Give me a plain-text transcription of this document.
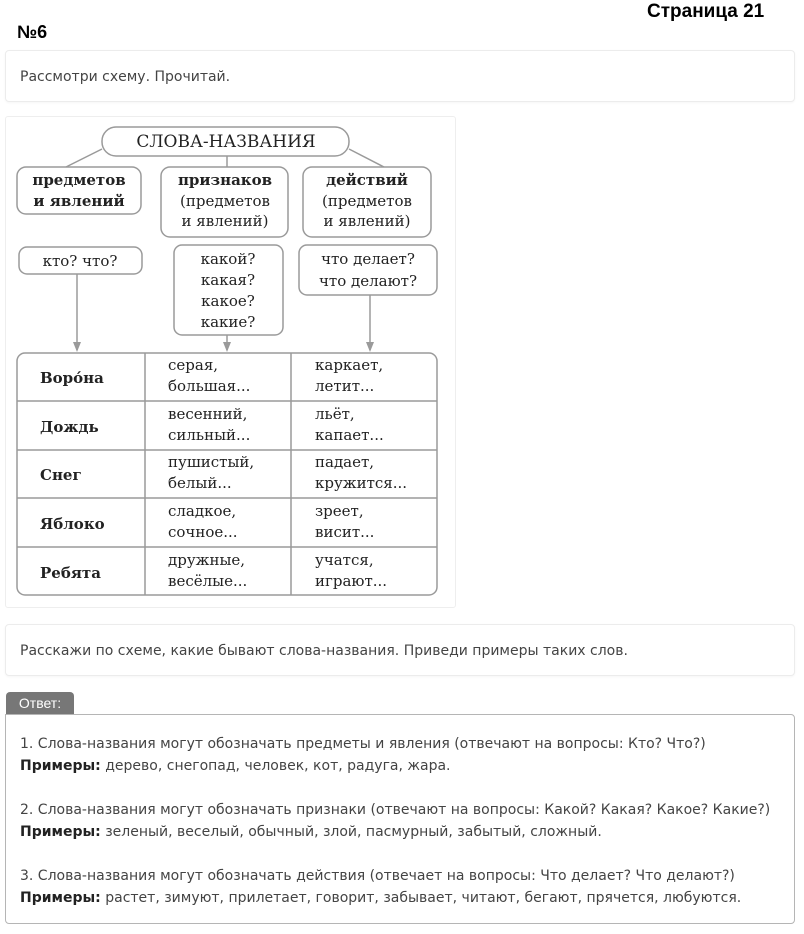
Страница 21
№6
Рассмотри схему. Прочитай.
СЛОВА-НАЗВАНИЯ
предметов
и явлений
признаков	действий
(предметов
и явлений)
(предметов
и явлений)
кто? что?	какой?
какая?
какое?
какие?
что делает?
что делают?
Воро́на
серая,
большая...
каркает,
летит...
Дождь
весенний,
сильный...
льёт,
капает...
Снег
пушистый,
белый...
падает,
кружится...
Яблоко
сладкое,
сочное...
зреет,
висит...
Ребята
дружные,
весёлые...
учатся,
играют...
Расскажи по схеме, какие бывают слова-названия. Приведи примеры таких слов.
Ответ:
1. Слова-названия могут обозначать предметы и явления (отвечают на вопросы: Кто? Что?)
Примеры: дерево, снегопад, человек, кот, радуга, жара.
2. Слова-названия могут обозначать признаки (отвечают на вопросы: Какой? Какая? Какое? Какие?)
Примеры: зеленый, веселый, обычный, злой, пасмурный, забытый, сложный.
3. Слова-названия могут обозначать действия (отвечает на вопросы: Что делает? Что делают?)
Примеры: растет, зимуют, прилетает, говорит, забывает, читают, бегают, прячется, любуются.
